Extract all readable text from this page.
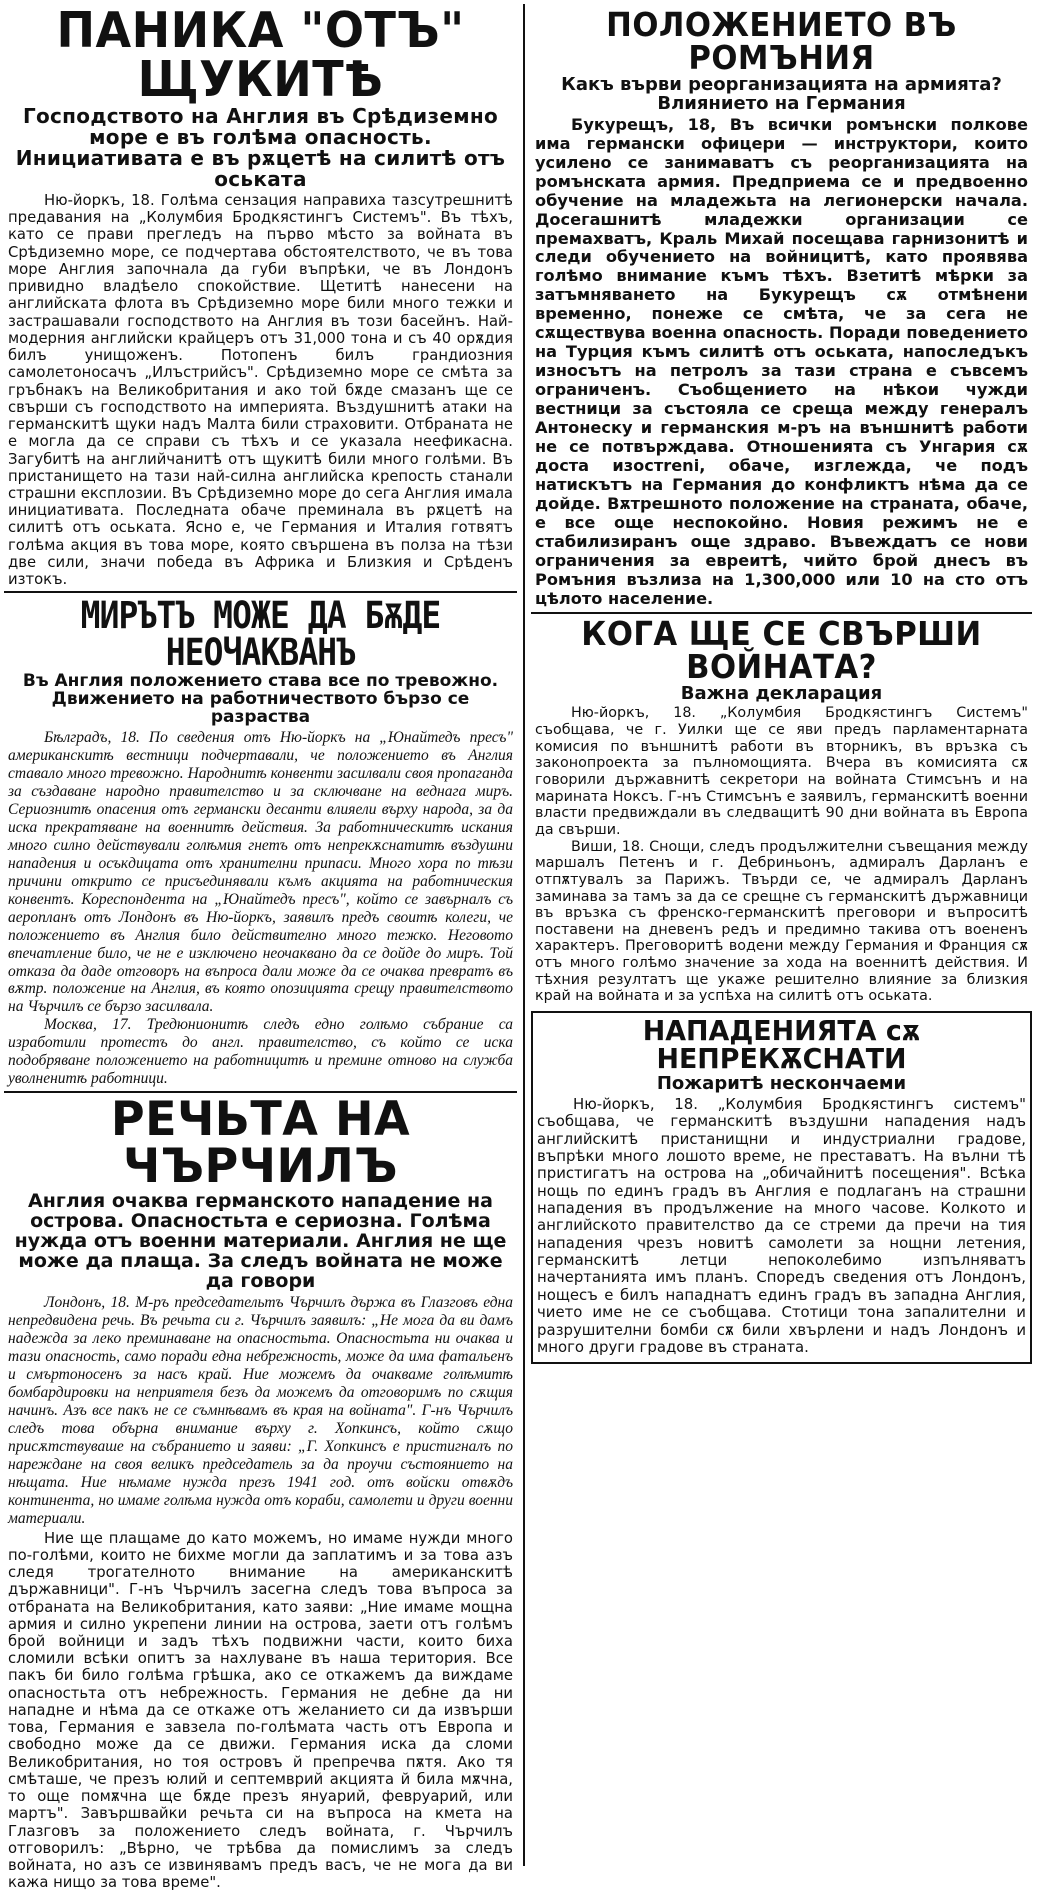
ПАНИКА "ОТЪ" ЩУКИТѢ

Господството на Англия въ Срѣдиземно море е въ голѣма опасность.

Инициативата е въ рѫцетѣ на силитѣ отъ оськата

Ню-йоркъ, 18. Голѣма сензация направиха тазсутрешнитѣ предавания на „Колумбия Бродкястингъ Системъ". Въ тѣхъ, като се прави прегледъ на първо мѣсто за войната въ Срѣдиземно море, се подчертава обстоятелството, че въ това море Англия започнала да губи въпрѣки, че въ Лондонъ привидно владѣело спокойствие. Щетитѣ нанесени на английската флота въ Срѣдиземно море били много тежки и застрашавали господството на Англия въ този басейнъ. Най-модерния английски крайцеръ отъ 31,000 тона и съ 40 орѫдия билъ унищоженъ. Потопенъ билъ грандиозния самолетоносачъ „Илъстрийсъ". Срѣдиземно море се смѣта за гръбнакъ на Великобритания и ако той бѫде смазанъ ще се свърши съ господството на империята. Въздушнитѣ атаки на германскитѣ щуки надъ Малта били страховити. Отбраната не е могла да се справи съ тѣхъ и се указала неефикасна. Загубитѣ на английчанитѣ отъ щукитѣ били много голѣми. Въ пристанището на тази най-силна английска крепость станали страшни експлозии. Въ Срѣдиземно море до сега Англия имала инициативата. Последната обаче преминала въ рѫцетѣ на силитѣ отъ оськата. Ясно е, че Германия и Италия готвятъ голѣма акция въ това море, която свършена въ полза на тѣзи две сили, значи победа въ Африка и Близкия и Срѣденъ изтокъ.

МИРЪТЪ МОЖЕ ДА БѪДЕ НЕОЧАКВАНЪ

Въ Англия положението става все по тревожно. Движението на работничеството бързо се разраства

Бѣлградъ, 18. По сведения отъ Ню-йоркъ на „Юнайтедъ пресъ" американскитѣ вестници подчертавали, че положението въ Англия ставало много тревожно. Народнитѣ конвенти засилвали своя пропаганда за създаване народно правителство и за сключване на веднага миръ. Сериознитѣ опасения отъ германски десанти влияели върху народа, за да иска прекратяване на военнитѣ действия. За работническитѣ искания много силно действували голѣмия гнетъ отъ непрекѫснатитѣ въздушни нападения и осъкдицата отъ хранителни припаси. Много хора по тѣзи причини открито се присъединявали къмъ акцията на работническия конвентъ. Кореспондента на „Юнайтедъ пресъ", който се завърналъ съ аеропланъ отъ Лондонъ въ Ню-йоркъ, заявилъ предъ своитѣ колеги, че положението въ Англия било действително много тежко. Неговото впечатление било, че не е изключено неочаквано да се дойде до миръ. Той отказа да даде отговоръ на въпроса дали може да се очаква превратъ въ вѫтр. положение на Англия, въ която опозицията срещу правителството на Чърчилъ се бързо засилвала.

Москва, 17. Тредюнионитѣ следъ едно голѣмо събрание са изработили протестъ до англ. правителство, съ който се иска подобряване положението на работницитѣ и премине отново на служба уволненитѣ работници.

РЕЧЬТА НА ЧЪРЧИЛЪ

Англия очаква германското нападение на острова. Опасностьта е сериозна. Голѣма нужда отъ военни материали. Англия не ще може да плаща. За следъ войната не може да говори

Лондонъ, 18. М-ръ председательтъ Чърчилъ държа въ Глазговъ една непредвидена речь. Въ речьта си г. Чърчилъ заявилъ: „Не мога да ви дамъ надежда за леко преминаване на опасностьта. Опасностьта ни очаква и тази опасность, само поради една небрежность, може да има фатальенъ и смъртоносенъ за насъ край. Ние можемъ да очакваме голѣмитѣ бомбардировки на неприятеля безъ да можемъ да отговоримъ по сѫщия начинъ. Азъ все пакъ не се съмнѣвамъ въ края на войната". Г-нъ Чърчилъ следъ това обърна внимание върху г. Хопкинсъ, който сѫщо присѫтствуваше на събранието и заяви: „Г. Хопкинсъ е пристигналъ по нареждане на своя великъ председатель за да проучи състоянието на нѣщата. Ние нѣмаме нужда презъ 1941 год. отъ войски отвѫдъ континента, но имаме голѣма нужда отъ кораби, самолети и други военни материали.

Ние ще плащаме до като можемъ, но имаме нужди много по-голѣми, които не бихме могли да заплатимъ и за това азъ следя трогателното внимание на американскитѣ държавници". Г-нъ Чърчилъ засегна следъ това въпроса за отбраната на Великобритания, като заяви: „Ние имаме мощна армия и силно укрепени линии на острова, заети отъ голѣмъ брой войници и задъ тѣхъ подвижни части, които биха сломили всѣки опитъ за нахлуване въ наша територия. Все пакъ би било голѣма грѣшка, ако се откажемъ да виждаме опасностьта отъ небрежность. Германия не дебне да ни нападне и нѣма да се откаже отъ желанието си да извърши това, Германия е завзела по-голѣмата часть отъ Европа и свободно може да се движи. Германия иска да сломи Великобритания, но тоя островъ й препречва пѫтя. Ако тя смѣташе, че презъ юлий и септемврий акцията й била мѫчна, то още помѫчна ще бѫде презъ януарий, февруарий, или мартъ". Завършвайки речьта си на въпроса на кмета на Глазговъ за положението следъ войната, г. Чърчилъ отговорилъ: „Вѣрно, че трѣбва да помислимъ за следъ войната, но азъ се извинявамъ предъ васъ, че не мога да ви кажа нищо за това време".

ПОЛОЖЕНИЕТО ВЪ РОМЪНИЯ

Какъ върви реорганизацията на армията? Влиянието на Германия

Букурещъ, 18, Въ всички ромънски полкове има германски офицери — инструктори, които усилено се занимаватъ съ реорганизацията на ромънската армия. Предприема се и предвоенно обучение на младежьта на легионерски начала. Досегашнитѣ младежки организации се премахватъ, Краль Михай посещава гарнизонитѣ и следи обучението на войницитѣ, като проявява голѣмо внимание къмъ тѣхъ. Взетитѣ мѣрки за затъмняването на Букурещъ сѫ отмѣнени временно, понеже се смѣта, че за сега не сѫществува военна опасность. Поради поведението на Турция къмъ силитѣ отъ оськата, напоследъкъ износътъ на петролъ за тази страна е съвсемъ ограниченъ. Съобщението на нѣкои чужди вестници за състояла се среща между генералъ Антонеску и германския м-ръ на външнитѣ работи не се потвърждава. Отношенията съ Унгария сѫ доста изостreni, обаче, изглежда, че подъ натискътъ на Германия до конфликтъ нѣма да се дойде. Вѫтрешното положение на страната, обаче, е все още неспокойно. Новия режимъ не е стабилизиранъ още здраво. Въвеждатъ се нови ограничения за евреитѣ, чийто брой днесъ въ Ромъния възлиза на 1,300,000 или 10 на сто отъ цѣлото население.

КОГА ЩЕ СЕ СВЪРШИ ВОЙНАТА?

Важна декларация

Ню-йоркъ, 18. „Колумбия Бродкястингъ Системъ" съобщава, че г. Уилки ще се яви предъ парламентарната комисия по външнитѣ работи въ вторникъ, въ връзка съ законопроекта за пълномощията. Вчера въ комисията сѫ говорили държавнитѣ секретори на войната Стимсънъ и на марината Ноксъ. Г-нъ Стимсънъ е заявилъ, германскитѣ военни власти предвиждали въ следващитѣ 90 дни войната въ Европа да свърши.

Виши, 18. Снощи, следъ продължителни съвещания между маршалъ Петенъ и г. Дебриньонъ, адмиралъ Дарланъ е отпѫтувалъ за Парижъ. Твърди се, че адмиралъ Дарланъ заминава за тамъ за да се срещне съ германскитѣ държавници въ връзка съ френско-германскитѣ преговори и въпроситѣ поставени на дневенъ редъ и предимно такива отъ воененъ характеръ. Преговоритѣ водени между Германия и Франция сѫ отъ много голѣмо значение за хода на военнитѣ действия. И тѣхния резултатъ ще укаже решително влияние за близкия край на войната и за успѣха на силитѣ отъ оськата.

НАПАДЕНИЯТА сѫ НЕПРЕКѪСНАТИ

Пожаритѣ нескончаеми

Ню-йоркъ, 18. „Колумбия Бродкястингъ системъ" съобщава, че германскитѣ въздушни нападения надъ английскитѣ пристанищни и индустриални градове, въпрѣки много лошото време, не преставатъ. На вълни тѣ пристигатъ на острова на „обичайнитѣ посещения". Всѣка нощь по единъ градъ въ Англия е подлаганъ на страшни нападения въ продължение на много часове. Колкото и английското правителство да се стреми да пречи на тия нападения чрезъ новитѣ самолети за нощни летения, германскитѣ летци непоколебимо изпълняватъ начертанията имъ планъ. Споредъ сведения отъ Лондонъ, нощесъ е билъ нападнатъ единъ градъ въ западна Англия, чието име не се съобщава. Стотици тона запалителни и разрушителни бомби сѫ били хвърлени и надъ Лондонъ и много други градове въ страната.
